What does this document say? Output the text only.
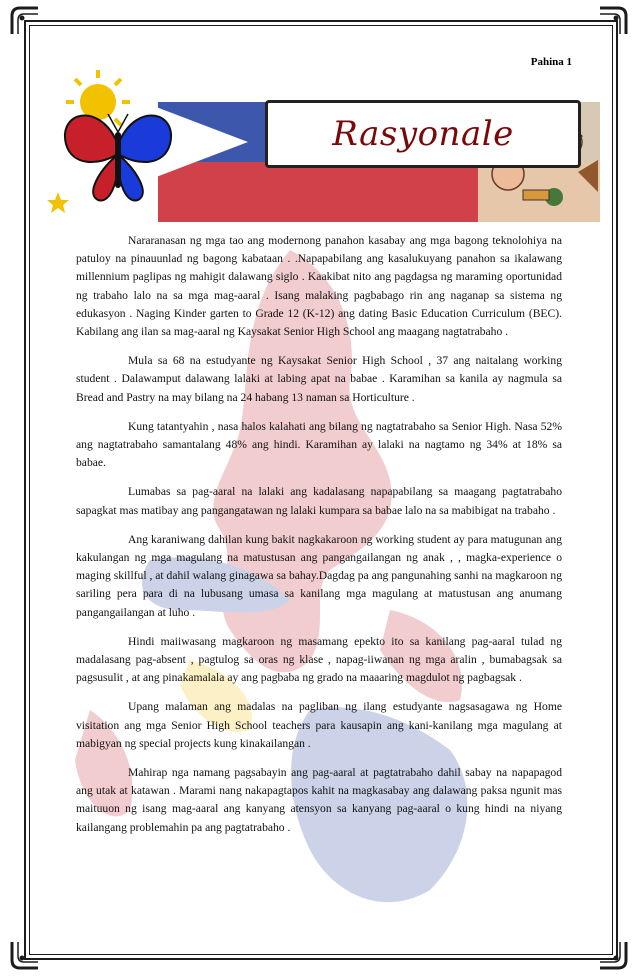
Pahina 1
Rasyonale

Nararanasan ng mga tao ang modernong panahon kasabay ang mga bagong teknolohiya na patuloy na pinauunlad ng bagong kabataan . .Napapabilang ang kasalukuyang panahon sa ikalawang millennium paglipas ng mahigit dalawang siglo . Kaakibat nito ang pagdagsa ng maraming oportunidad ng trabaho lalo na sa mga mag-aaral . Isang malaking pagbabago rin ang naganap sa sistema ng edukasyon . Naging Kinder garten to Grade 12 (K-12) ang dating Basic Education Curriculum (BEC). Kabilang ang ilan sa mag-aaral ng Kaysakat Senior High School ang maagang nagtatrabaho .

Mula sa 68 na estudyante ng Kaysakat Senior High School , 37 ang naitalang working student . Dalawamput dalawang lalaki at labing apat na babae . Karamihan sa kanila ay nagmula sa Bread and Pastry na may bilang na 24 habang 13 naman sa Horticulture .

Kung tatantyahin , nasa halos kalahati ang bilang ng nagtatrabaho sa Senior High. Nasa 52% ang nagtatrabaho samantalang 48% ang hindi. Karamihan ay lalaki na nagtamo ng 34% at 18% sa babae.

Lumabas sa pag-aaral na lalaki ang kadalasang napapabilang sa maagang pagtatrabaho sapagkat mas matibay ang pangangatawan ng lalaki kumpara sa babae lalo na sa mabibigat na trabaho .

Ang karaniwang dahilan kung bakit nagkakaroon ng working student ay para matugunan ang kakulangan ng mga magulang na matustusan ang pangangailangan ng anak , , magka-experience o maging skillful , at dahil walang ginagawa sa bahay.Dagdag pa ang pangunahing sanhi na magkaroon ng sariling pera para di na lubusang umasa sa kanilang mga magulang at matustusan ang anumang pangangailangan at luho .

Hindi maiiwasang magkaroon ng masamang epekto ito sa kanilang pag-aaral tulad ng madalasang pag-absent , pagtulog sa oras ng klase , napag-iiwanan ng mga aralin , bumabagsak sa pagsusulit , at ang pinakamalala ay ang pagbaba ng grado na maaaring magdulot ng pagbagsak .

Upang malaman ang madalas na pagliban ng ilang estudyante nagsasagawa ng Home visitation ang mga Senior High School teachers para kausapin ang kani-kanilang mga magulang at mabigyan ng special projects kung kinakailangan .

Mahirap nga namang pagsabayin ang pag-aaral at pagtatrabaho dahil sabay na napapagod ang utak at katawan . Marami nang nakapagtapos kahit na magkasabay ang dalawang paksa ngunit mas maituuon ng isang mag-aaral ang kanyang atensyon sa kanyang pag-aaral o kung hindi na niyang kailangang problemahin pa ang pagtatrabaho .
